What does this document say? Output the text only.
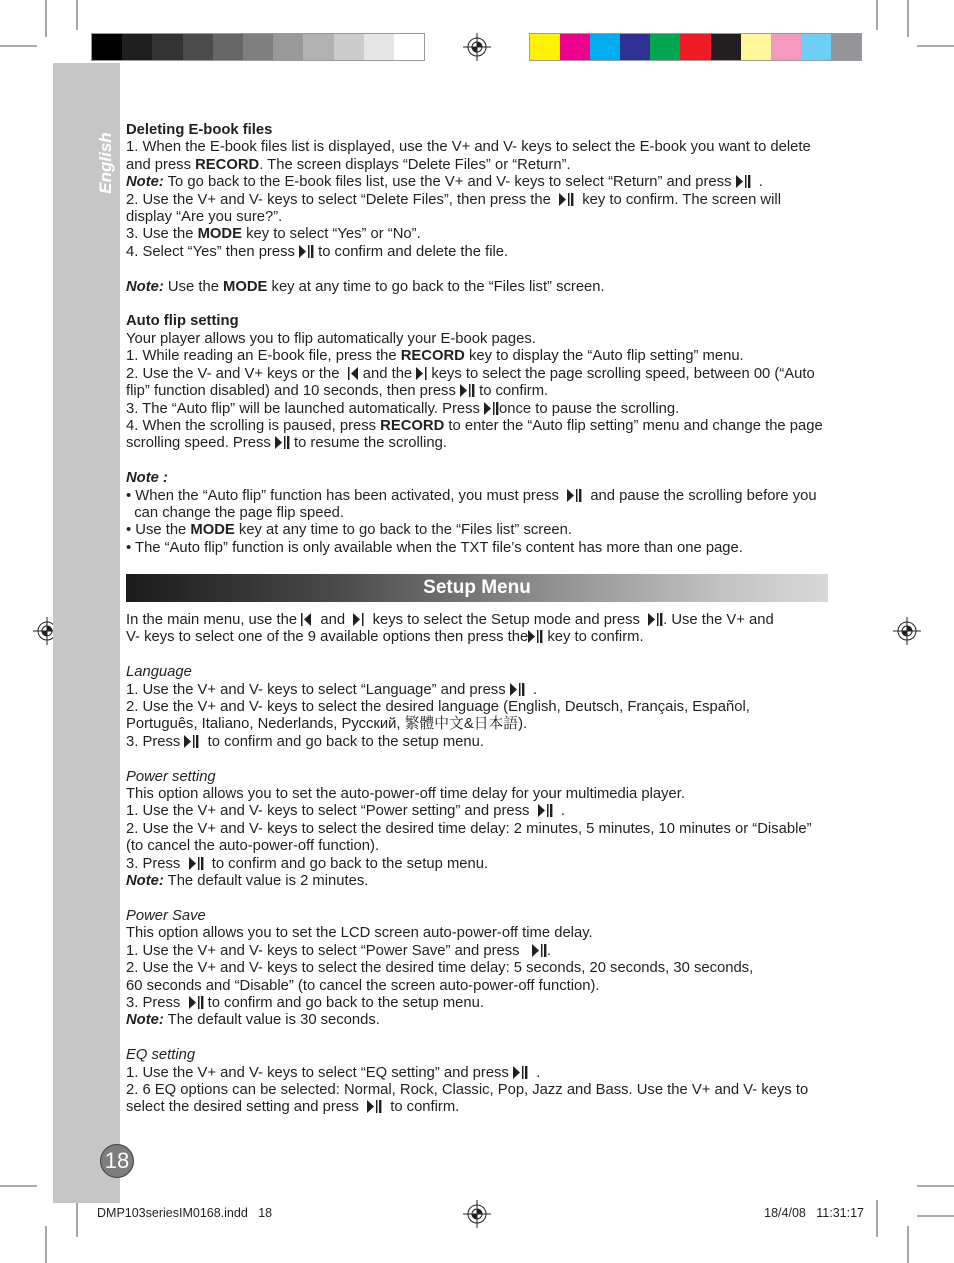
English
18
Deleting E-book files
1. When the E-book files list is displayed, use the V+ and V- keys to select the E-book you want to delete
and press RECORD. The screen displays “Delete Files” or “Return”.
Note: To go back to the E-book files list, use the V+ and V- keys to select “Return” and press   .
2. Use the V+ and V- keys to select “Delete Files”, then press the    key to confirm. The screen will
display “Are you sure?”.
3. Use the MODE key to select “Yes” or “No”.
4. Select “Yes” then press  to confirm and delete the file.
Note: Use the MODE key at any time to go back to the “Files list” screen.
Auto flip setting
Your player allows you to flip automatically your E-book pages.
1. While reading an E-book file, press the RECORD key to display the “Auto flip setting” menu.
2. Use the V- and V+ keys or the   and the  keys to select the page scrolling speed, between 00 (“Auto
flip” function disabled) and 10 seconds, then press  to confirm.
3. The “Auto flip” will be launched automatically. Press once to pause the scrolling.
4. When the scrolling is paused, press RECORD to enter the “Auto flip setting” menu and change the page
scrolling speed. Press  to resume the scrolling.
Note :
• When the “Auto flip” function has been activated, you must press    and pause the scrolling before you
can change the page flip speed.
• Use the MODE key at any time to go back to the “Files list” screen.
• The “Auto flip” function is only available when the TXT file’s content has more than one page.
Setup Menu
In the main menu, use the   and    keys to select the Setup mode and press  . Use the V+ and
V- keys to select one of the 9 available options then press the key to confirm.
Language
1. Use the V+ and V- keys to select “Language” and press   .
2. Use the V+ and V- keys to select the desired language (English, Deutsch, Français, Español,
Português, Italiano, Nederlands, Русский, 繁體中文&日本語).
3. Press   to confirm and go back to the setup menu.
Power setting
This option allows you to set the auto-power-off time delay for your multimedia player.
1. Use the V+ and V- keys to select “Power setting” and press    .
2. Use the V+ and V- keys to select the desired time delay: 2 minutes, 5 minutes, 10 minutes or “Disable”
(to cancel the auto-power-off function).
3. Press    to confirm and go back to the setup menu.
Note: The default value is 2 minutes.
Power Save
This option allows you to set the LCD screen auto-power-off time delay.
1. Use the V+ and V- keys to select “Power Save” and press   .
2. Use the V+ and V- keys to select the desired time delay: 5 seconds, 20 seconds, 30 seconds,
60 seconds and “Disable” (to cancel the screen auto-power-off function).
3. Press   to confirm and go back to the setup menu.
Note: The default value is 30 seconds.
EQ setting
1. Use the V+ and V- keys to select “EQ setting” and press   .
2. 6 EQ options can be selected: Normal, Rock, Classic, Pop, Jazz and Bass. Use the V+ and V- keys to
select the desired setting and press    to confirm.
DMP103seriesIM0168.indd   18	18/4/08   11:31:17
